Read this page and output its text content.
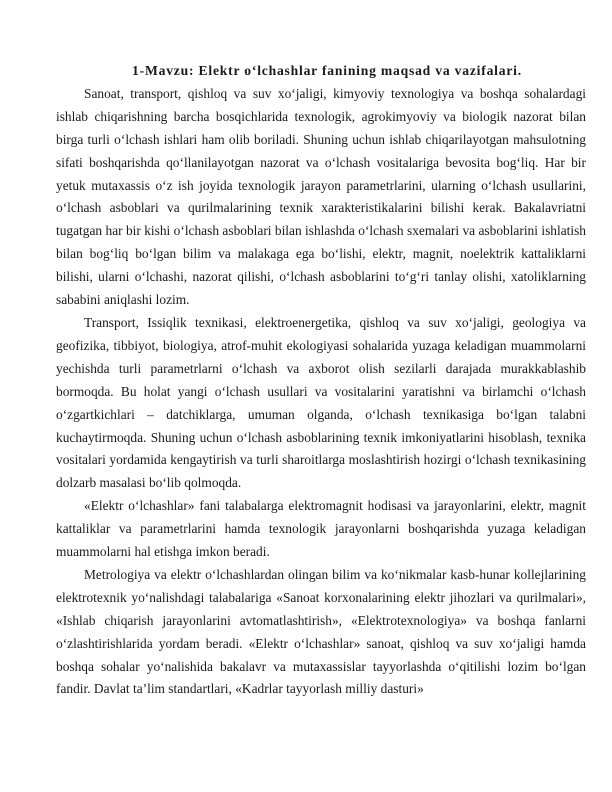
1-Mavzu: Elektr o‘lchashlar fanining maqsad va vazifalari.

Sanoat, transport, qishloq va suv xo‘jaligi, kimyoviy texnologiya va boshqa sohalardagi ishlab chiqarishning barcha bosqichlarida texnologik, agrokimyoviy va biologik nazorat bilan birga turli o‘lchash ishlari ham olib boriladi. Shuning uchun ishlab chiqarilayotgan mahsulotning sifati boshqarishda qo‘llanilayotgan nazorat va o‘lchash vositalariga bevosita bog‘liq. Har bir yetuk mutaxassis o‘z ish joyida texnologik jarayon parametrlarini, ularning o‘lchash usullarini, o‘lchash asboblari va qurilmalarining texnik xarakteristikalarini bilishi kerak. Bakalavriatni tugatgan har bir kishi o‘lchash asboblari bilan ishlashda o‘lchash sxemalari va asboblarini ishlatish bilan bog‘liq bo‘lgan bilim va malakaga ega bo‘lishi, elektr, magnit, noelektrik kattaliklarni bilishi, ularni o‘lchashi, nazorat qilishi, o‘lchash asboblarini to‘g‘ri tanlay olishi, xatoliklarning sababini aniqlashi lozim.

Transport, Issiqlik texnikasi, elektroenergetika, qishloq va suv xo‘jaligi, geologiya va geofizika, tibbiyot, biologiya, atrof-muhit ekologiyasi sohalarida yuzaga keladigan muammolarni yechishda turli parametrlarni o‘lchash va axborot olish sezilarli darajada murakkablashib bormoqda. Bu holat yangi o‘lchash usullari va vositalarini yaratishni va birlamchi o‘lchash o‘zgartkichlari – datchiklarga, umuman olganda, o‘lchash texnikasiga bo‘lgan talabni kuchaytirmoqda. Shuning uchun o‘lchash asboblarining texnik imkoniyatlarini hisoblash, texnika vositalari yordamida kengaytirish va turli sharoitlarga moslashtirish hozirgi o‘lchash texnikasining dolzarb masalasi bo‘lib qolmoqda.

«Elektr o‘lchashlar» fani talabalarga elektromagnit hodisasi va jarayonlarini, elektr, magnit kattaliklar va parametrlarini hamda texnologik jarayonlarni boshqarishda yuzaga keladigan muammolarni hal etishga imkon beradi.

Metrologiya va elektr o‘lchashlardan olingan bilim va ko‘nikmalar kasb-hunar kollejlarining elektrotexnik yo‘nalishdagi talabalariga «Sanoat korxonalarining elektr jihozlari va qurilmalari», «Ishlab chiqarish jarayonlarini avtomatlashtirish», «Elektrotexnologiya» va boshqa fanlarni o‘zlashtirishlarida yordam beradi. «Elektr o‘lchashlar» sanoat, qishloq va suv xo‘jaligi hamda boshqa sohalar yo‘nalishida bakalavr va mutaxassislar tayyorlashda o‘qitilishi lozim bo‘lgan fandir. Davlat ta’lim standartlari, «Kadrlar tayyorlash milliy dasturi»
